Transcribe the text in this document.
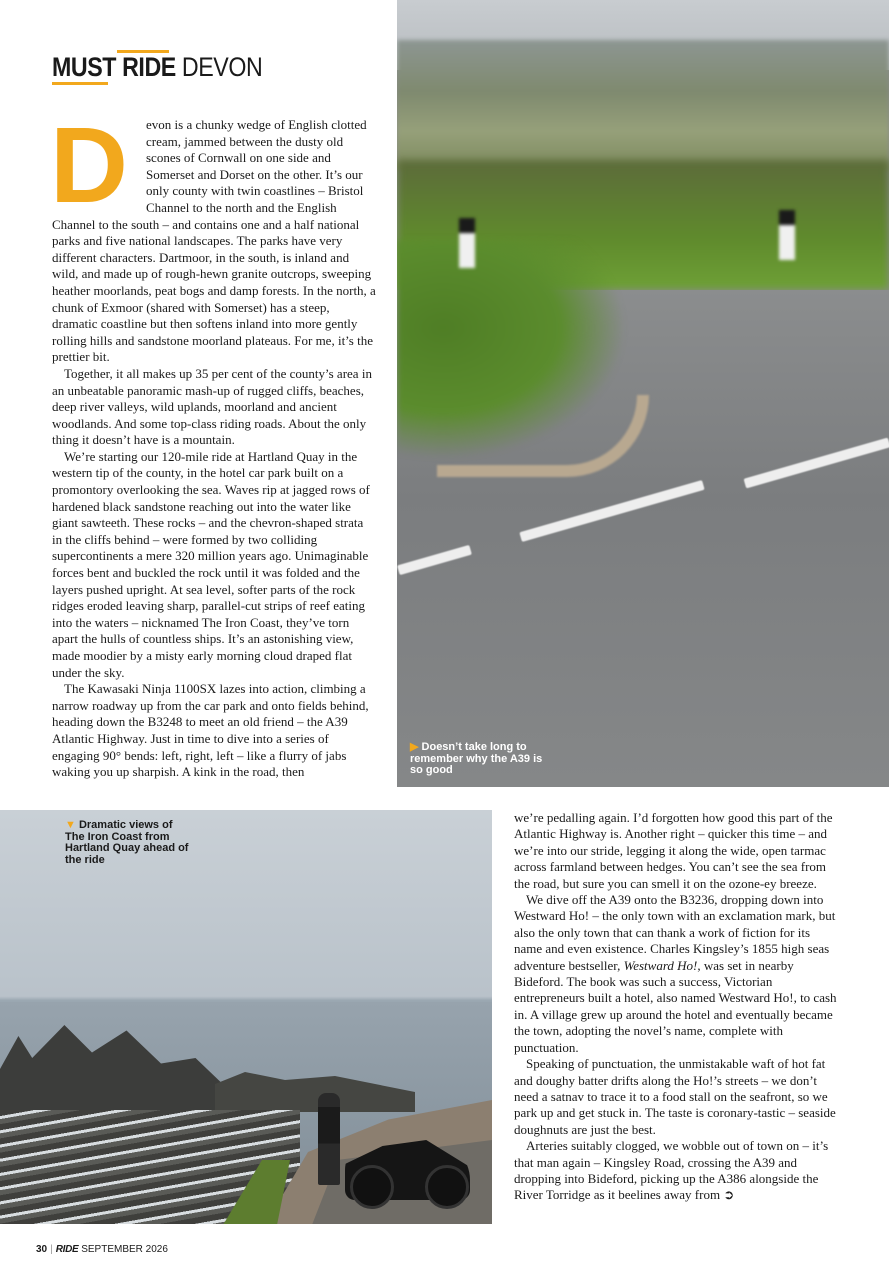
MUST RIDE DEVON
▶ Doesn’t take long to remember why the A39 is so good
▼ Dramatic views of The Iron Coast from Hartland Quay ahead of the ride
D	evon is a chunky wedge of English clotted cream, jammed between the dusty old scones of Cornwall on one side and Somerset and Dorset on the other. It’s our only county with twin coastlines – Bristol Channel to the north and the English Channel to the south – and contains one and a half national parks and five national landscapes. The parks have very different characters. Dartmoor, in the south, is inland and wild, and made up of rough-hewn granite outcrops, sweeping heather moorlands, peat bogs and damp forests. In the north, a chunk of Exmoor (shared with Somerset) has a steep, dramatic coastline but then softens inland into more gently rolling hills and sandstone moorland plateaus. For me, it’s the prettier bit.

Together, it all makes up 35 per cent of the county’s area in an unbeatable panoramic mash-up of rugged cliffs, beaches, deep river valleys, wild uplands, moorland and ancient woodlands. And some top-class riding roads. About the only thing it doesn’t have is a mountain.

We’re starting our 120-mile ride at Hartland Quay in the western tip of the county, in the hotel car park built on a promontory overlooking the sea. Waves rip at jagged rows of hardened black sandstone reaching out into the water like giant sawteeth. These rocks – and the chevron-shaped strata in the cliffs behind – were formed by two colliding supercontinents a mere 320 million years ago. Unimaginable forces bent and buckled the rock until it was folded and the layers pushed upright. At sea level, softer parts of the rock ridges eroded leaving sharp, parallel-cut strips of reef eating into the waters – nicknamed The Iron Coast, they’ve torn apart the hulls of countless ships. It’s an astonishing view, made moodier by a misty early morning cloud draped flat under the sky.

The Kawasaki Ninja 1100SX lazes into action, climbing a narrow roadway up from the car park and onto fields behind, heading down the B3248 to meet an old friend – the A39 Atlantic Highway. Just in time to dive into a series of engaging 90° bends: left, right, left – like a flurry of jabs waking you up sharpish. A kink in the road, then

we’re pedalling again. I’d forgotten how good this part of the Atlantic Highway is. Another right – quicker this time – and we’re into our stride, legging it along the wide, open tarmac across farmland between hedges. You can’t see the sea from the road, but sure you can smell it on the ozone-ey breeze.

We dive off the A39 onto the B3236, dropping down into Westward Ho! – the only town with an exclamation mark, but also the only town that can thank a work of fiction for its name and even existence. Charles Kingsley’s 1855 high seas adventure bestseller, Westward Ho!, was set in nearby Bideford. The book was such a success, Victorian entrepreneurs built a hotel, also named Westward Ho!, to cash in. A village grew up around the hotel and eventually became the town, adopting the novel’s name, complete with punctuation.

Speaking of punctuation, the unmistakable waft of hot fat and doughy batter drifts along the Ho!’s streets – we don’t need a satnav to trace it to a food stall on the seafront, so we park up and get stuck in. The taste is coronary-tastic – seaside doughnuts are just the best.

Arteries suitably clogged, we wobble out of town on – it’s that man again – Kingsley Road, crossing the A39 and dropping into Bideford, picking up the A386 alongside the River Torridge as it beelines away from ➲

30 | RIDE SEPTEMBER 2026
